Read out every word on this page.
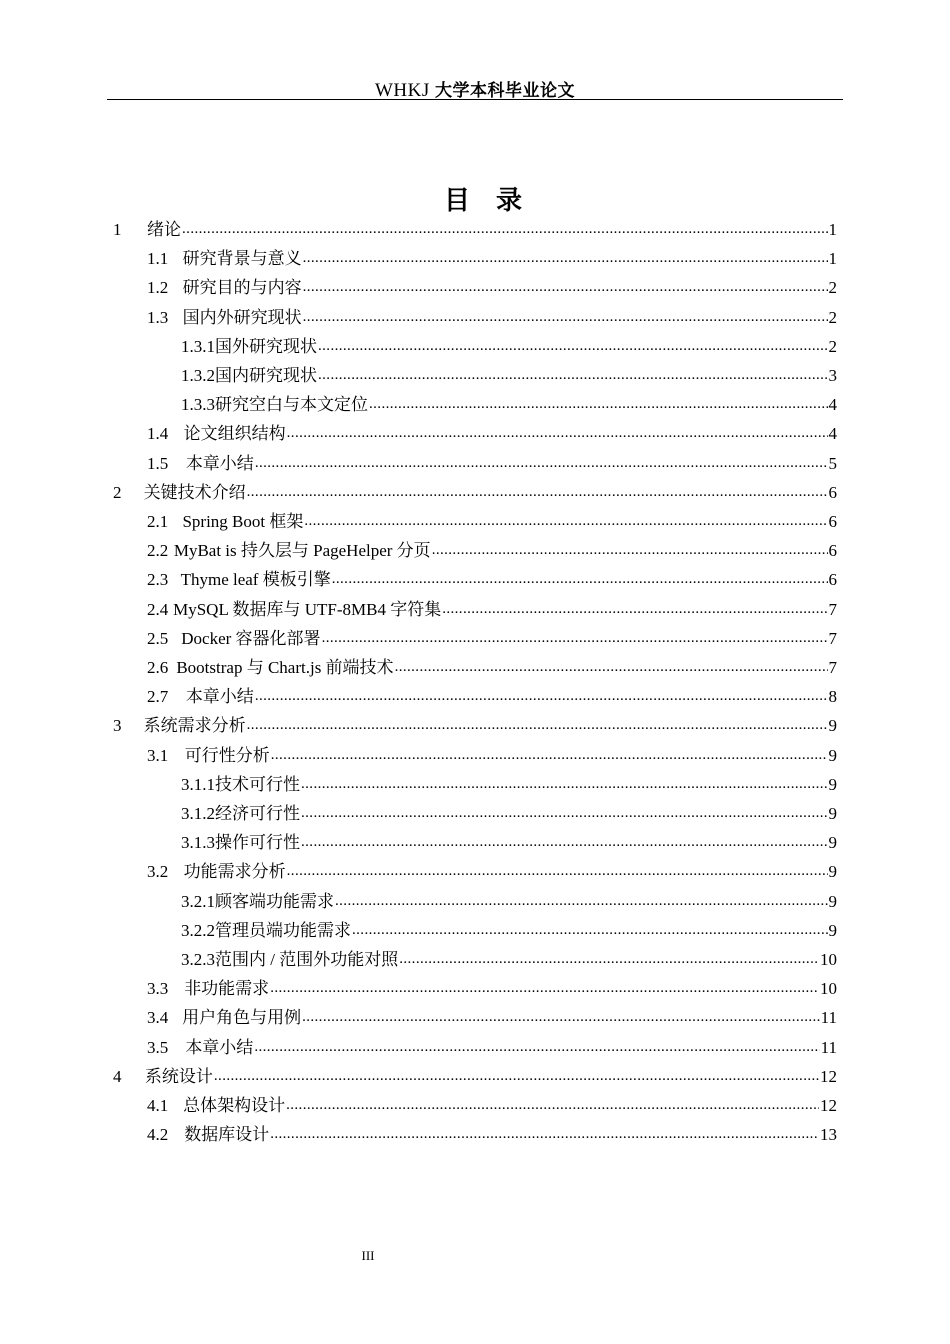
WHKJ 大学本科毕业论文
目录
1	绪论 .....	1
1.1 研究背景与意义 .....	1
1.2 研究目的与内容 .....	2
1.3 国内外研究现状 .....	2
1.3.1 国外研究现状 .....	2
1.3.2 国内研究现状 .....	3
1.3.3 研究空白与本文定位 .....	4
1.4 论文组织结构 .....	4
1.5	本章小结 .....	5
2	关键技术介绍 .....	6
2.1 Spring Boot 框架 .....	6
2.2 MyBat is 持久层与 PageHelper 分页 .....	6
2.3 Thyme leaf 模板引擎 .....	6
2.4 MySQL 数据库与 UTF-8MB4 字符集 .....	7
2.5 Docker 容器化部署 .....	7
2.6 Bootstrap 与 Chart.js 前端技术 .....	7
2.7	本章小结 .....	8
3	系统需求分析 .....	9
3.1 可行性分析 .....	9
3.1.1 技术可行性 .....	9
3.1.2 经济可行性 .....	9
3.1.3 操作可行性 .....	9
3.2 功能需求分析 .....	9
3.2.1 顾客端功能需求 .....	9
3.2.2 管理员端功能需求 .....	9
3.2.3 范围内 / 范围外功能对照 .....	10
3.3 非功能需求 .....	10
3.4 用户角色与用例 .....	11
3.5	本章小结 .....	11
4	系统设计 .....	12
4.1 总体架构设计 .....	12
4.2 数据库设计 .....	13
III
